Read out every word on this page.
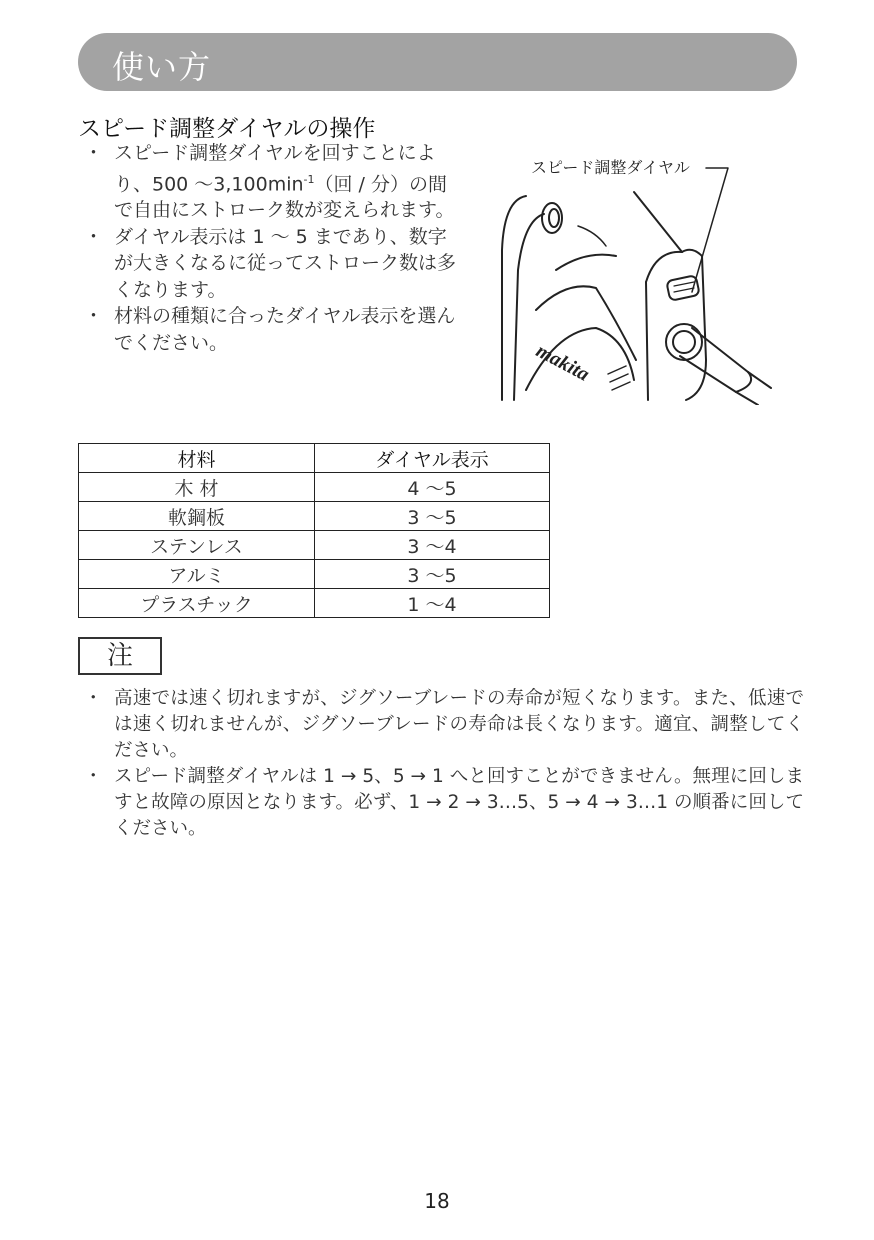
使い方
スピード調整ダイヤルの操作
・ スピード調整ダイヤルを回すことにより、500 $\sim 3,100\min^{-1}$（回 / 分）の間で自由にストローク数が変えられます。
・ ダイヤル表示は 1 ～ 5 まであり、数字が大きくなるに従ってストローク数は多くなります。
・ 材料の種類に合ったダイヤル表示を選んでください。
スピード調整ダイヤル
makita
材料	ダイヤル表示
木 材	4 ～5
軟鋼板	3 ～5
ステンレス	3 ～4
アルミ	3 ～5
プラスチック	1 ～4
注
・ 高速では速く切れますが、ジグソーブレードの寿命が短くなります。また、低速では速く切れませんが、ジグソーブレードの寿命は長くなります。適宜、調整してください。
・ スピード調整ダイヤルは 1 → 5、5 → 1 へと回すことができません。無理に回しますと故障の原因となります。必ず、1 → 2 → 3…5、5 → 4 → 3…1 の順番に回してください。
18
